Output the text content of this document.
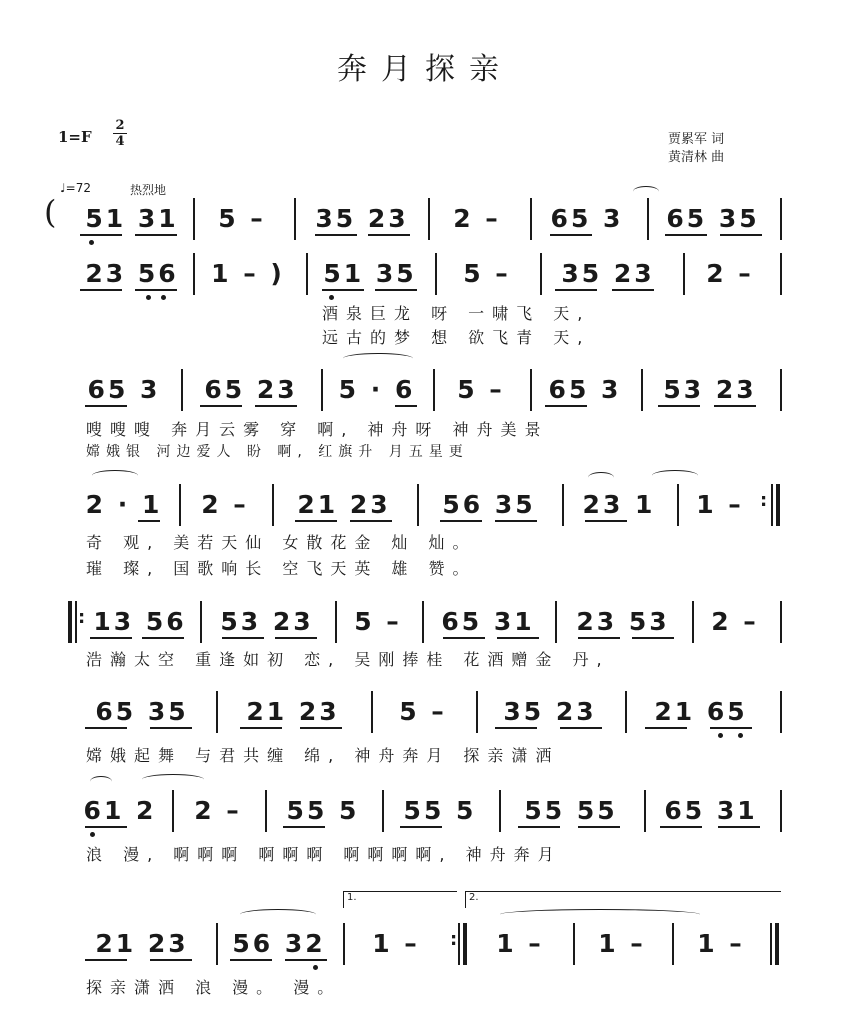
奔月探亲
1=F
2
4	贾累军 词
黄清林 曲
♩=72	热烈地
(	51 31	5 –	35 23	2 –	65 3	65 35
23 56	1 – )	51 35	5 –	35 23	2 –
酒泉巨龙 呀 一啸飞 天,
远古的梦 想 欲飞青 天,
65 3	65 23	5 · 6	5 –	65 3	53 23
嗖嗖嗖 奔月云雾 穿 啊, 神舟呀 神舟美景
嫦娥银 河边爱人 盼 啊, 红旗升 月五星更
2 · 1	2 –	21 23	56 35	23 1	1 – :
奇 观, 美若天仙 女散花金 灿 灿。
璀 璨, 国歌响长 空飞天英 雄 赞。
: 13 56	53 23	5 –	65 31	23 53	2 –
浩瀚太空 重逢如初 恋, 吴刚捧桂 花酒赠金 丹,
65 35	21 23	5 –	35 23	21 65
嫦娥起舞 与君共缠 绵, 神舟奔月 探亲潇洒
61 2	2 –	55 5	55 5	55 55	65 31
浪 漫, 啊啊啊 啊啊啊 啊啊啊啊, 神舟奔月
1.	2.
21 23	56 32	1 –	:	1 –	1 –	1 –
探亲潇洒 浪 漫。 漫。
